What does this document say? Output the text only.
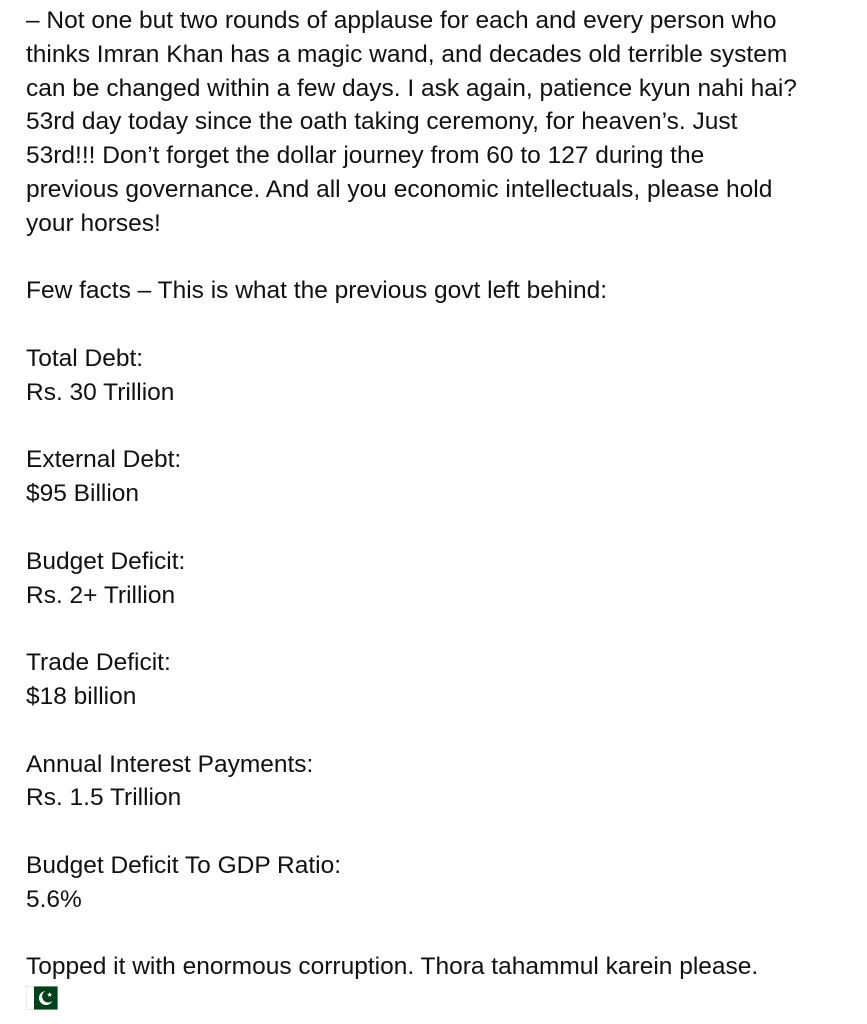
– Not one but two rounds of applause for each and every person who
thinks Imran Khan has a magic wand, and decades old terrible system
can be changed within a few days. I ask again, patience kyun nahi hai?
53rd day today since the oath taking ceremony, for heaven’s. Just
53rd!!! Don’t forget the dollar journey from 60 to 127 during the
previous governance. And all you economic intellectuals, please hold
your horses!

Few facts – This is what the previous govt left behind:

Total Debt:
Rs. 30 Trillion

External Debt:
$95 Billion

Budget Deficit:
Rs. 2+ Trillion

Trade Deficit:
$18 billion

Annual Interest Payments:
Rs. 1.5 Trillion

Budget Deficit To GDP Ratio:
5.6%

Topped it with enormous corruption. Thora tahammul karein please.
